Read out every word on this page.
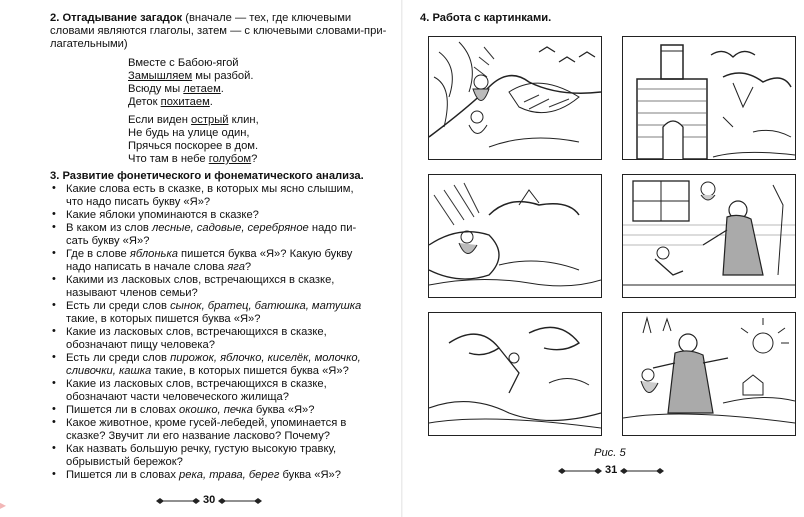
2. Отгадывание загадок (вначале — тех, где ключевыми
словами являются глаголы, затем — с ключевыми словами-при-
лагательными)
Вместе с Бабою-ягой
Замышляем мы разбой.
Всюду мы летаем.
Деток похитаем.
Если виден острый клин,
Не будь на улице один,
Прячься поскорее в дом.
Что там в небе голубом?
3. Развитие фонетического и фонематического анализа.
• Какие слова есть в сказке, в которых мы ясно слышим,
что надо писать букву «Я»?
• Какие яблоки упоминаются в сказке?
• В каком из слов лесные, садовые, серебряное надо пи-
сать букву «Я»?
• Где в слове яблонька пишется буква «Я»? Какую букву
надо написать в начале слова яга?
• Какими из ласковых слов, встречающихся в сказке,
называют членов семьи?
• Есть ли среди слов сынок, братец, батюшка, матушка
такие, в которых пишется буква «Я»?
• Какие из ласковых слов, встречающихся в сказке,
обозначают пищу человека?
• Есть ли среди слов пирожок, яблочко, киселёк, молочко,
сливочки, кашка такие, в которых пишется буква «Я»?
• Какие из ласковых слов, встречающихся в сказке,
обозначают части человеческого жилища?
• Пишется ли в словах окошко, печка буква «Я»?
• Какое животное, кроме гусей-лебедей, упоминается в
сказке? Звучит ли его название ласково? Почему?
• Как назвать большую речку, густую высокую травку,
обрывистый бережок?
• Пишется ли в словах река, трава, берег буква «Я»?
30
▸
4. Работа с картинками.
Рис. 5
31
